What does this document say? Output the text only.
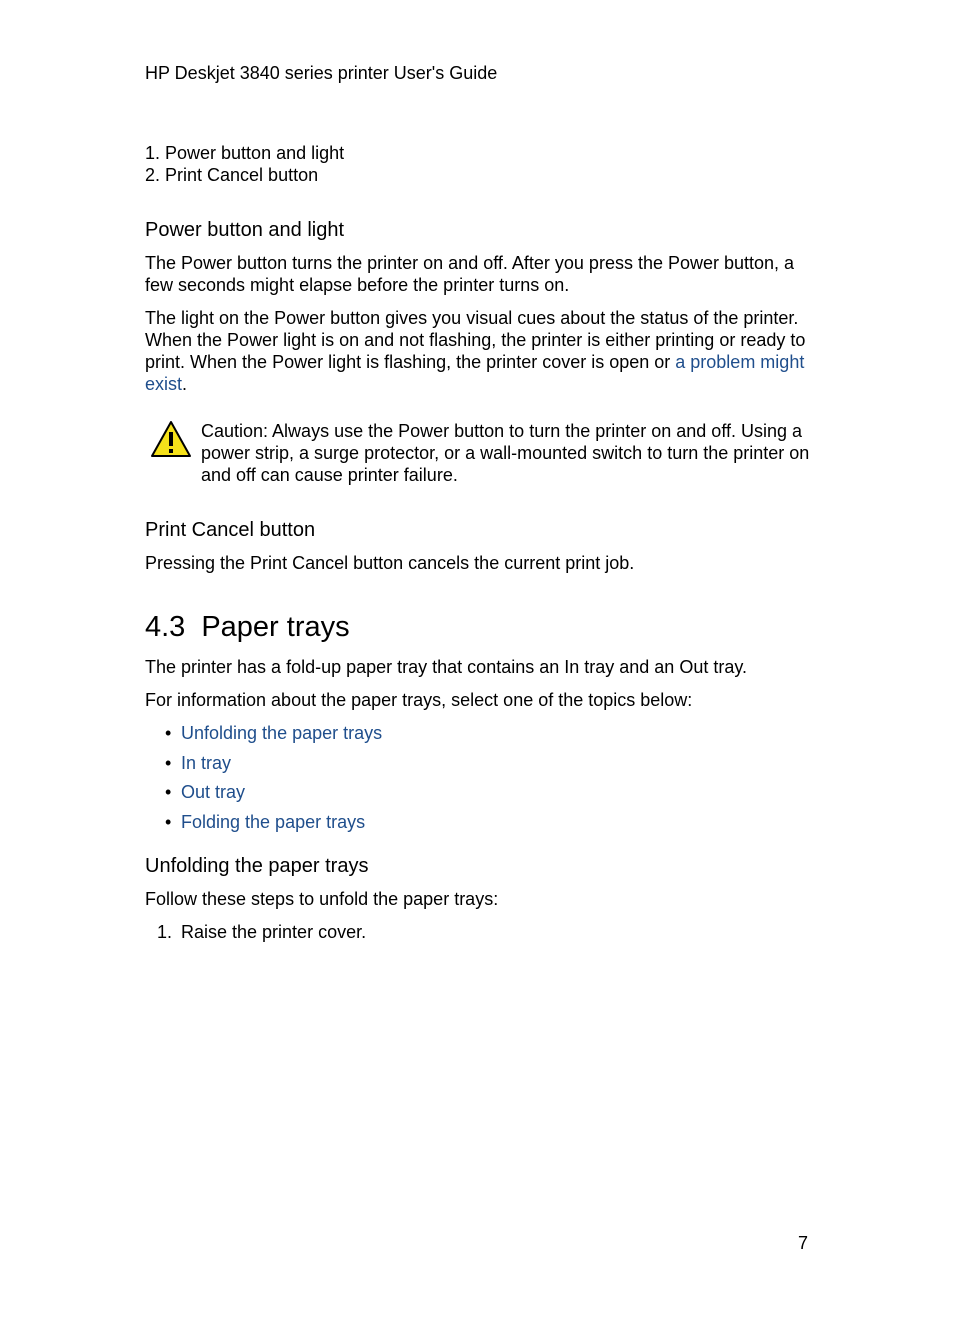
HP Deskjet 3840 series printer User's Guide
1. Power button and light
2. Print Cancel button
Power button and light

The Power button turns the printer on and off. After you press the Power button, a few seconds might elapse before the printer turns on.

The light on the Power button gives you visual cues about the status of the printer. When the Power light is on and not flashing, the printer is either printing or ready to print. When the Power light is flashing, the printer cover is open or a problem might exist.

Caution: Always use the Power button to turn the printer on and off. Using a power strip, a surge protector, or a wall-mounted switch to turn the printer on and off can cause printer failure.

Print Cancel button

Pressing the Print Cancel button cancels the current print job.

4.3 Paper trays

The printer has a fold-up paper tray that contains an In tray and an Out tray.

For information about the paper trays, select one of the topics below:

• Unfolding the paper trays
• In tray
• Out tray
• Folding the paper trays
Unfolding the paper trays

Follow these steps to unfold the paper trays:

1. Raise the printer cover.
7
